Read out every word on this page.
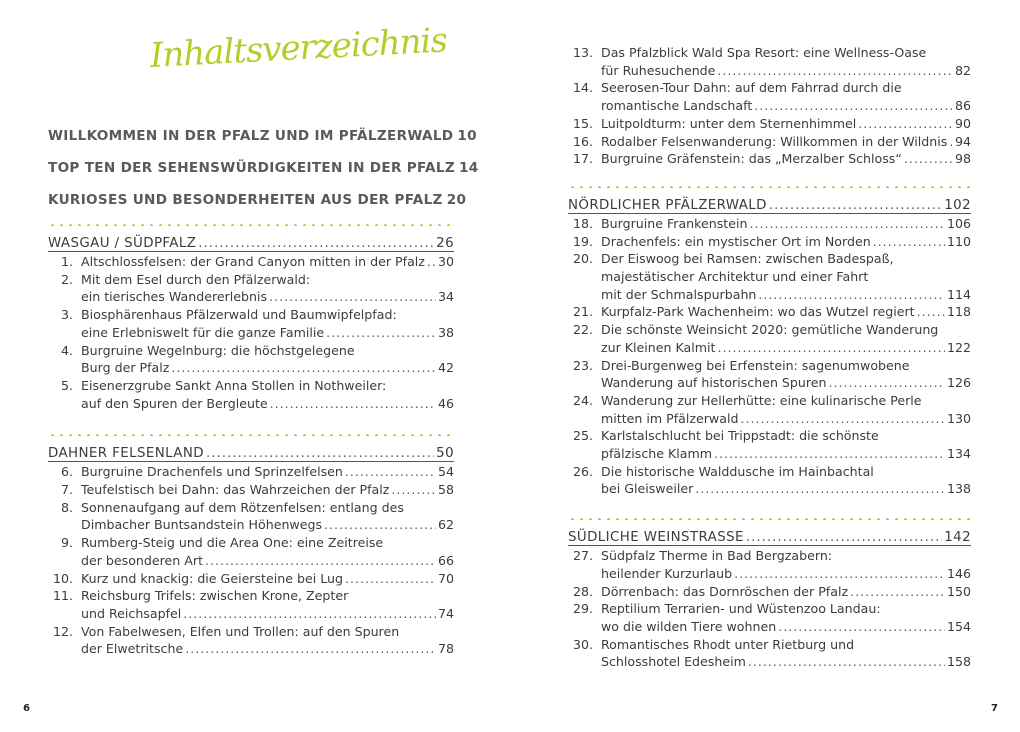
Inhaltsverzeichnis
WILLKOMMEN IN DER PFALZ UND IM PFÄLZERWALD 10
TOP TEN DER SEHENSWÜRDIGKEITEN IN DER PFALZ 14
KURIOSES UND BESONDERHEITEN AUS DER PFALZ 20
WASGAU / SÜDPFALZ .....	26
1. Altschlossfelsen: der Grand Canyon mitten in der Pfalz ..... 30
2. Mit dem Esel durch den Pfälzerwald:
ein tierisches Wandererlebnis .....	34
3. Biosphärenhaus Pfälzerwald und Baumwipfelpfad:
eine Erlebniswelt für die ganze Familie .....	38
4. Burgruine Wegelnburg: die höchstgelegene
Burg der Pfalz .....	42
5. Eisenerzgrube Sankt Anna Stollen in Nothweiler:
auf den Spuren der Bergleute .....	46
DAHNER FELSENLAND .....	50
6. Burgruine Drachenfels und Sprinzelfelsen .....	54
7. Teufelstisch bei Dahn: das Wahrzeichen der Pfalz .....	58
8. Sonnenaufgang auf dem Rötzenfelsen: entlang des
Dimbacher Buntsandstein Höhenwegs .....	62
9. Rumberg-Steig und die Area One: eine Zeitreise
der besonderen Art .....	66
10. Kurz und knackig: die Geiersteine bei Lug .....	70
11. Reichsburg Trifels: zwischen Krone, Zepter
und Reichsapfel .....	74
12. Von Fabelwesen, Elfen und Trollen: auf den Spuren
der Elwetritsche .....	78
6
13. Das Pfalzblick Wald Spa Resort: eine Wellness-Oase
für Ruhesuchende .....	82
14. Seerosen-Tour Dahn: auf dem Fahrrad durch die
romantische Landschaft .....	86
15. Luitpoldturm: unter dem Sternenhimmel .....	90
16. Rodalber Felsenwanderung: Willkommen in der Wildnis ..... 94
17. Burgruine Gräfenstein: das „Merzalber Schloss“ .....	98
NÖRDLICHER PFÄLZERWALD .....	102
18. Burgruine Frankenstein .....	106
19. Drachenfels: ein mystischer Ort im Norden .....	110
20. Der Eiswoog bei Ramsen: zwischen Badespaß,
majestätischer Architektur und einer Fahrt
mit der Schmalspurbahn .....	114
21. Kurpfalz-Park Wachenheim: wo das Wutzel regiert .....	118
22. Die schönste Weinsicht 2020: gemütliche Wanderung
zur Kleinen Kalmit .....	122
23. Drei-Burgenweg bei Erfenstein: sagenumwobene
Wanderung auf historischen Spuren .....	126
24. Wanderung zur Hellerhütte: eine kulinarische Perle
mitten im Pfälzerwald .....	130
25. Karlstalschlucht bei Trippstadt: die schönste
pfälzische Klamm .....	134
26. Die historische Walddusche im Hainbachtal
bei Gleisweiler .....	138
SÜDLICHE WEINSTRASSE .....	142
27. Südpfalz Therme in Bad Bergzabern:
heilender Kurzurlaub .....	146
28. Dörrenbach: das Dornröschen der Pfalz .....	150
29. Reptilium Terrarien- und Wüstenzoo Landau:
wo die wilden Tiere wohnen .....	154
30. Romantisches Rhodt unter Rietburg und
Schlosshotel Edesheim .....	158
7
